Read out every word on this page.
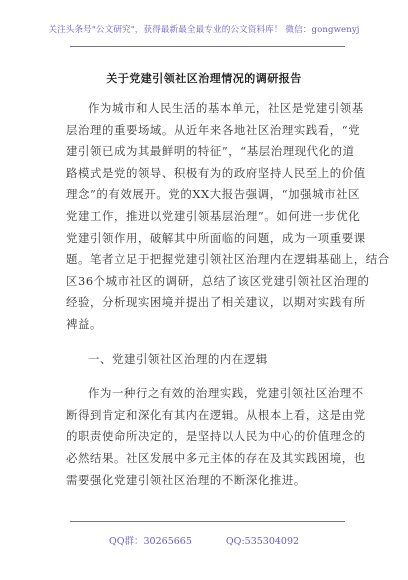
关注头条号"公文研究"，获得最新最全最专业的公文资料库！ 微信：gongwenyj
关于党建引领社区治理情况的调研报告
作为城市和人民生活的基本单元，社区是党建引领基
层治理的重要场域。从近年来各地社区治理实践看，“党
建引领已成为其最鲜明的特征”，“基层治理现代化的道
路模式是党的领导、积极有为的政府坚持人民至上的价值
理念”的有效展开。党的XX大报告强调，“加强城市社区
党建工作，推进以党建引领基层治理”。如何进一步优化
党建引领作用，破解其中所面临的问题，成为一项重要课
题。笔者立足于把握党建引领社区治理内在逻辑基础上，结合
区36个城市社区的调研，总结了该区党建引领社区治理的
经验，分析现实困境并提出了相关建议，以期对实践有所
裨益。
一、党建引领社区治理的内在逻辑
作为一种行之有效的治理实践，党建引领社区治理不
断得到肯定和深化有其内在逻辑。从根本上看，这是由党
的职责使命所决定的，是坚持以人民为中心的价值理念的
必然结果。社区发展中多元主体的存在及其实践困境，也
需要强化党建引领社区治理的不断深化推进。
QQ群：30265665	QQ:535304092
